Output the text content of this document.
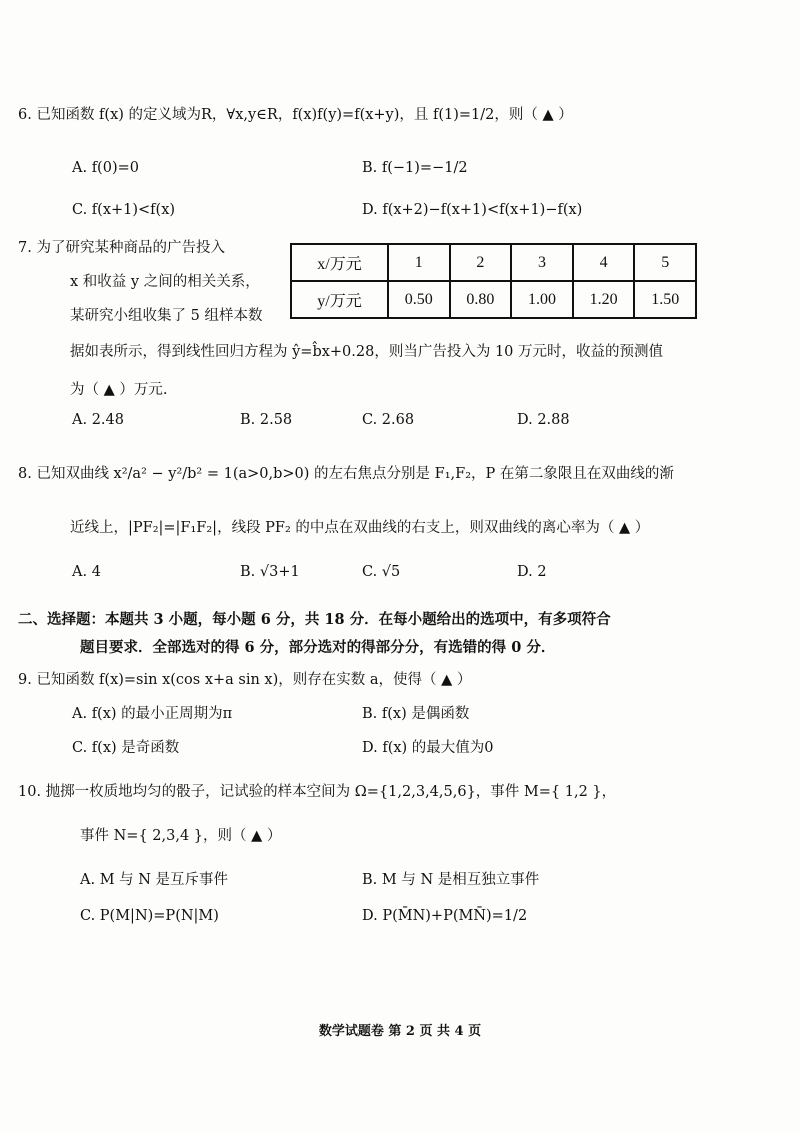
6. 已知函数 f(x) 的定义域为R，∀x,y∈R，f(x)f(y)=f(x+y)，且 f(1)=1/2，则（ ▲ ）
A. f(0)=0	B. f(−1)=−1/2
C. f(x+1)<f(x)	D. f(x+2)−f(x+1)<f(x+1)−f(x)
7. 为了研究某种商品的广告投入
x 和收益 y 之间的相关关系，
某研究小组收集了 5 组样本数
x/万元	1	2	3	4	5
y/万元	0.50	0.80	1.00	1.20	1.50
据如表所示，得到线性回归方程为 ŷ=b̂x+0.28，则当广告投入为 10 万元时，收益的预测值
为（ ▲ ）万元.
A. 2.48	B. 2.58	C. 2.68	D. 2.88
8. 已知双曲线 x²/a² − y²/b² = 1(a>0,b>0) 的左右焦点分别是 F₁,F₂，P 在第二象限且在双曲线的渐
近线上，|PF₂|=|F₁F₂|，线段 PF₂ 的中点在双曲线的右支上，则双曲线的离心率为（ ▲ ）
A. 4	B. √3+1	C. √5	D. 2
二、选择题：本题共 3 小题，每小题 6 分，共 18 分．在每小题给出的选项中，有多项符合
题目要求．全部选对的得 6 分，部分选对的得部分分，有选错的得 0 分．
9. 已知函数 f(x)=sin x(cos x+a sin x)，则存在实数 a，使得（ ▲ ）
A. f(x) 的最小正周期为π	B. f(x) 是偶函数
C. f(x) 是奇函数	D. f(x) 的最大值为0
10. 抛掷一枚质地均匀的骰子，记试验的样本空间为 Ω={1,2,3,4,5,6}，事件 M={ 1,2 }，
事件 N={ 2,3,4 }，则（ ▲ ）
A. M 与 N 是互斥事件	B. M 与 N 是相互独立事件
C. P(M|N)=P(N|M)	D. P(M̄N)+P(MN̄)=1/2
数学试题卷 第 2 页 共 4 页
